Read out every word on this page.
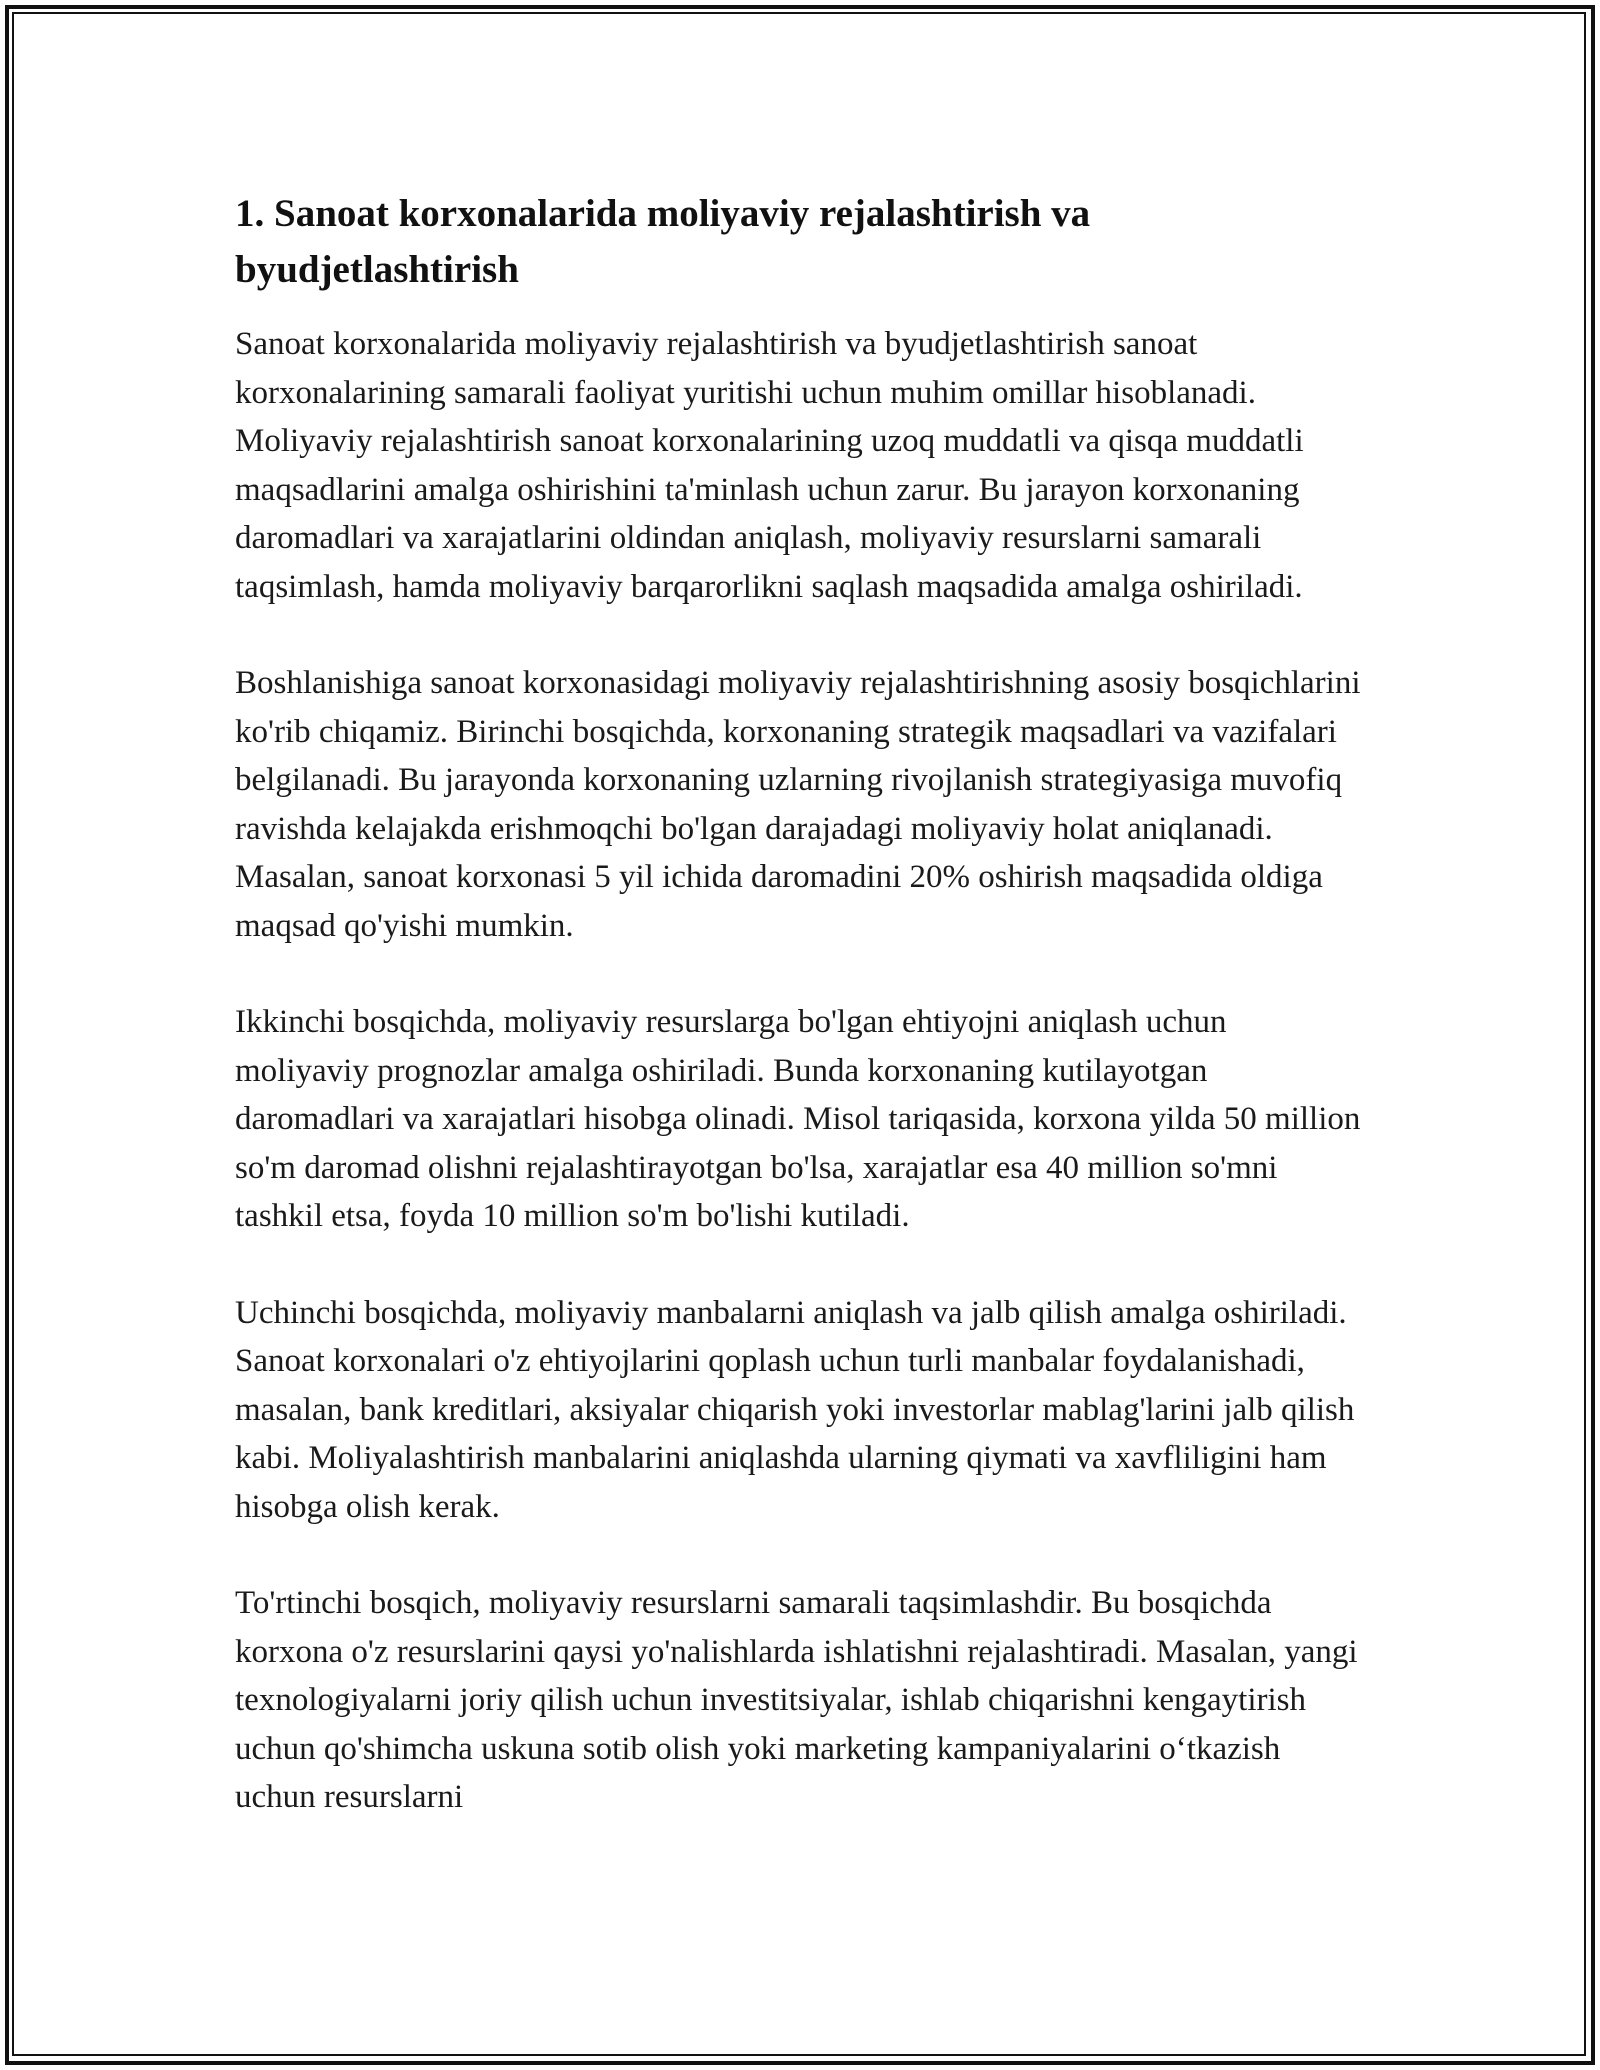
1. Sanoat korxonalarida moliyaviy rejalashtirish va byudjetlashtirish

Sanoat korxonalarida moliyaviy rejalashtirish va byudjetlashtirish sanoat korxonalarining samarali faoliyat yuritishi uchun muhim omillar hisoblanadi. Moliyaviy rejalashtirish sanoat korxonalarining uzoq muddatli va qisqa muddatli maqsadlarini amalga oshirishini ta'minlash uchun zarur. Bu jarayon korxonaning daromadlari va xarajatlarini oldindan aniqlash, moliyaviy resurslarni samarali taqsimlash, hamda moliyaviy barqarorlikni saqlash maqsadida amalga oshiriladi.

Boshlanishiga sanoat korxonasidagi moliyaviy rejalashtirishning asosiy bosqichlarini ko'rib chiqamiz. Birinchi bosqichda, korxonaning strategik maqsadlari va vazifalari belgilanadi. Bu jarayonda korxonaning uzlarning rivojlanish strategiyasiga muvofiq ravishda kelajakda erishmoqchi bo'lgan darajadagi moliyaviy holat aniqlanadi. Masalan, sanoat korxonasi 5 yil ichida daromadini 20% oshirish maqsadida oldiga maqsad qo'yishi mumkin.

Ikkinchi bosqichda, moliyaviy resurslarga bo'lgan ehtiyojni aniqlash uchun moliyaviy prognozlar amalga oshiriladi. Bunda korxonaning kutilayotgan daromadlari va xarajatlari hisobga olinadi. Misol tariqasida, korxona yilda 50 million so'm daromad olishni rejalashtirayotgan bo'lsa, xarajatlar esa 40 million so'mni tashkil etsa, foyda 10 million so'm bo'lishi kutiladi.

Uchinchi bosqichda, moliyaviy manbalarni aniqlash va jalb qilish amalga oshiriladi. Sanoat korxonalari o'z ehtiyojlarini qoplash uchun turli manbalar foydalanishadi, masalan, bank kreditlari, aksiyalar chiqarish yoki investorlar mablag'larini jalb qilish kabi. Moliyalashtirish manbalarini aniqlashda ularning qiymati va xavfliligini ham hisobga olish kerak.

To'rtinchi bosqich, moliyaviy resurslarni samarali taqsimlashdir. Bu bosqichda korxona o'z resurslarini qaysi yo'nalishlarda ishlatishni rejalashtiradi. Masalan, yangi texnologiyalarni joriy qilish uchun investitsiyalar, ishlab chiqarishni kengaytirish uchun qo'shimcha uskuna sotib olish yoki marketing kampaniyalarini oʻtkazish uchun resurslarni
